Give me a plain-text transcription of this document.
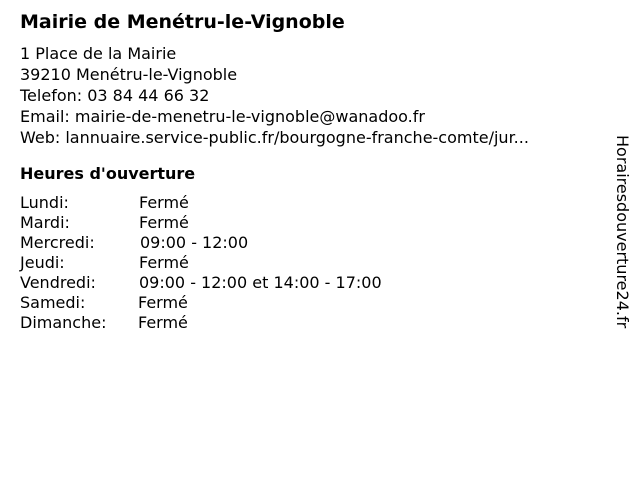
Mairie de Menétru-le-Vignoble
1 Place de la Mairie
39210 Menétru-le-Vignoble
Telefon: 03 84 44 66 32
Email: mairie-de-menetru-le-vignoble@wanadoo.fr
Web: lannuaire.service-public.fr/bourgogne-franche-comte/jur...
Heures d'ouverture
Lundi:	Fermé
Mardi:	Fermé
Mercredi:	09:00 - 12:00
Jeudi:	Fermé
Vendredi:	09:00 - 12:00 et 14:00 - 17:00
Samedi:	Fermé
Dimanche: Fermé	Horairesdouverture24.fr
